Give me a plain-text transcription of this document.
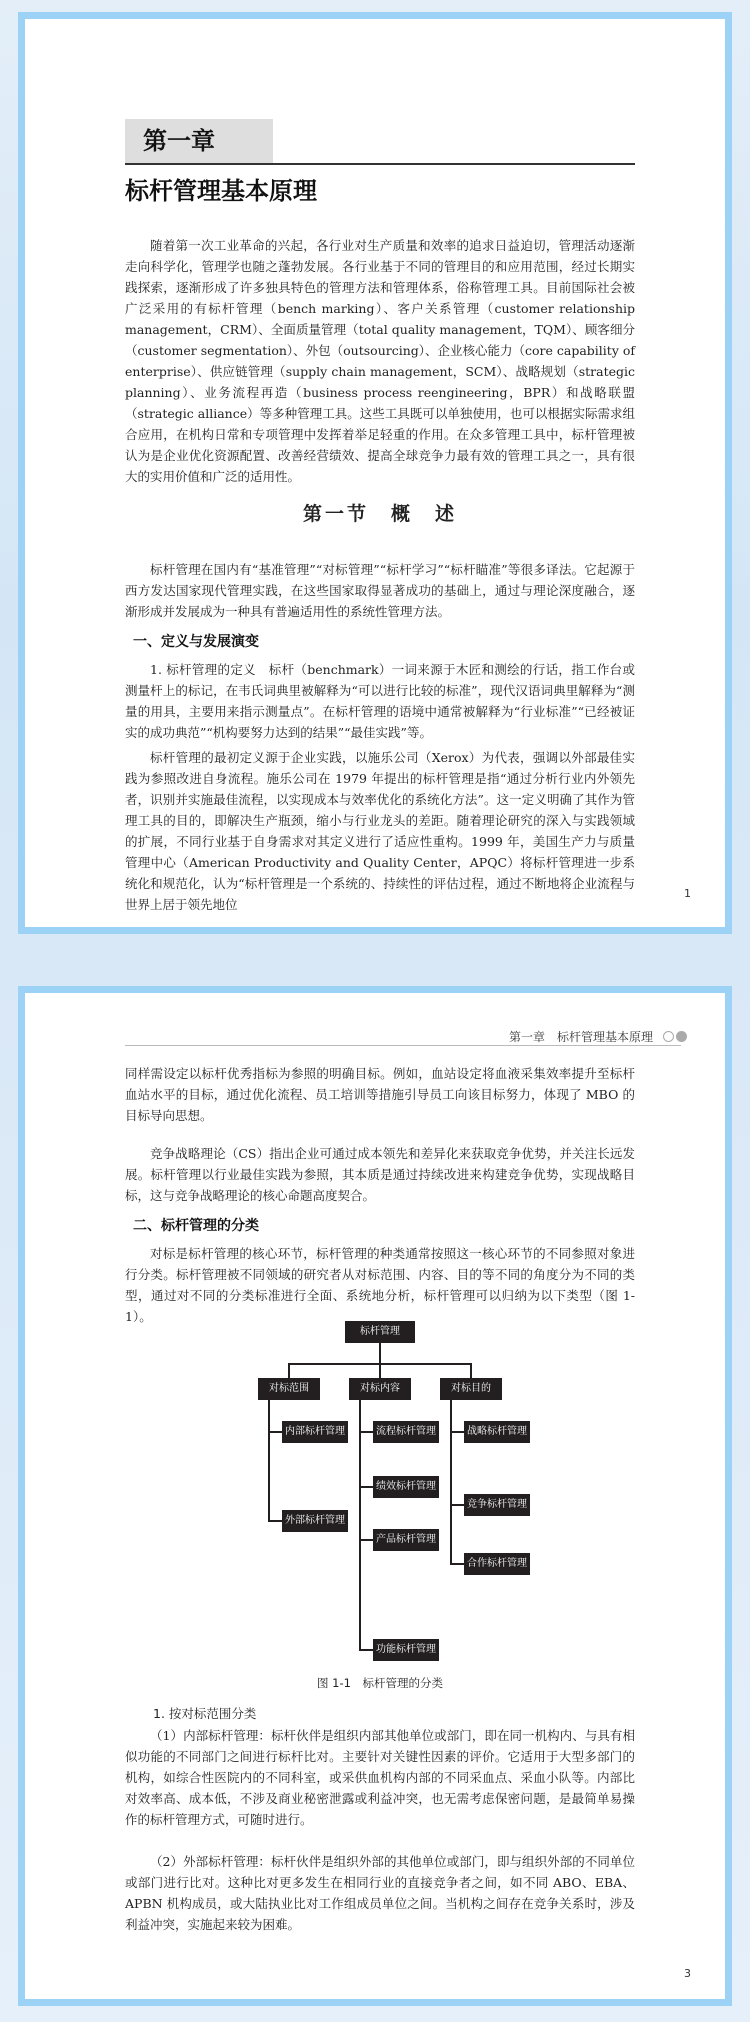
第一章
标杆管理基本原理

随着第一次工业革命的兴起，各行业对生产质量和效率的追求日益迫切，管理活动逐渐走向科学化，管理学也随之蓬勃发展。各行业基于不同的管理目的和应用范围，经过长期实践探索，逐渐形成了许多独具特色的管理方法和管理体系，俗称管理工具。目前国际社会被广泛采用的有标杆管理（bench marking）、客户关系管理（customer relationship management，CRM）、全面质量管理（total quality management，TQM）、顾客细分（customer segmentation）、外包（outsourcing）、企业核心能力（core capability of enterprise）、供应链管理（supply chain management，SCM）、战略规划（strategic planning）、业务流程再造（business process reengineering，BPR）和战略联盟（strategic alliance）等多种管理工具。这些工具既可以单独使用，也可以根据实际需求组合应用，在机构日常和专项管理中发挥着举足轻重的作用。在众多管理工具中，标杆管理被认为是企业优化资源配置、改善经营绩效、提高全球竞争力最有效的管理工具之一，具有很大的实用价值和广泛的适用性。

第一节　概　述

标杆管理在国内有“基准管理”“对标管理”“标杆学习”“标杆瞄准”等很多译法。它起源于西方发达国家现代管理实践，在这些国家取得显著成功的基础上，通过与理论深度融合，逐渐形成并发展成为一种具有普遍适用性的系统性管理方法。

一、定义与发展演变

1. 标杆管理的定义　标杆（benchmark）一词来源于木匠和测绘的行话，指工作台或测量杆上的标记，在韦氏词典里被解释为“可以进行比较的标准”，现代汉语词典里解释为“测量的用具，主要用来指示测量点”。在标杆管理的语境中通常被解释为“行业标准”“已经被证实的成功典范”“机构要努力达到的结果”“最佳实践”等。

标杆管理的最初定义源于企业实践，以施乐公司（Xerox）为代表，强调以外部最佳实践为参照改进自身流程。施乐公司在 1979 年提出的标杆管理是指“通过分析行业内外领先者，识别并实施最佳流程，以实现成本与效率优化的系统化方法”。这一定义明确了其作为管理工具的目的，即解决生产瓶颈，缩小与行业龙头的差距。随着理论研究的深入与实践领域的扩展，不同行业基于自身需求对其定义进行了适应性重构。1999 年，美国生产力与质量管理中心（American Productivity and Quality Center，APQC）将标杆管理进一步系统化和规范化，认为“标杆管理是一个系统的、持续性的评估过程，通过不断地将企业流程与世界上居于领先地位

1
第一章　标杆管理基本原理

同样需设定以标杆优秀指标为参照的明确目标。例如，血站设定将血液采集效率提升至标杆血站水平的目标，通过优化流程、员工培训等措施引导员工向该目标努力，体现了 MBO 的目标导向思想。

竞争战略理论（CS）指出企业可通过成本领先和差异化来获取竞争优势，并关注长远发展。标杆管理以行业最佳实践为参照，其本质是通过持续改进来构建竞争优势，实现战略目标，这与竞争战略理论的核心命题高度契合。

二、标杆管理的分类

对标是标杆管理的核心环节，标杆管理的种类通常按照这一核心环节的不同参照对象进行分类。标杆管理被不同领域的研究者从对标范围、内容、目的等不同的角度分为不同的类型，通过对不同的分类标准进行全面、系统地分析，标杆管理可以归纳为以下类型（图 1-1）。

标杆管理
对标范围	对标内容	对标目的
内部标杆管理
外部标杆管理
流程标杆管理
绩效标杆管理
产品标杆管理
功能标杆管理
战略标杆管理
竞争标杆管理
合作标杆管理
图 1-1　标杆管理的分类
1. 按对标范围分类

（1）内部标杆管理：标杆伙伴是组织内部其他单位或部门，即在同一机构内、与具有相似功能的不同部门之间进行标杆比对。主要针对关键性因素的评价。它适用于大型多部门的机构，如综合性医院内的不同科室，或采供血机构内部的不同采血点、采血小队等。内部比对效率高、成本低，不涉及商业秘密泄露或利益冲突，也无需考虑保密问题，是最简单易操作的标杆管理方式，可随时进行。

（2）外部标杆管理：标杆伙伴是组织外部的其他单位或部门，即与组织外部的不同单位或部门进行比对。这种比对更多发生在相同行业的直接竞争者之间，如不同 ABO、EBA、APBN 机构成员，或大陆执业比对工作组成员单位之间。当机构之间存在竞争关系时，涉及利益冲突，实施起来较为困难。

3
